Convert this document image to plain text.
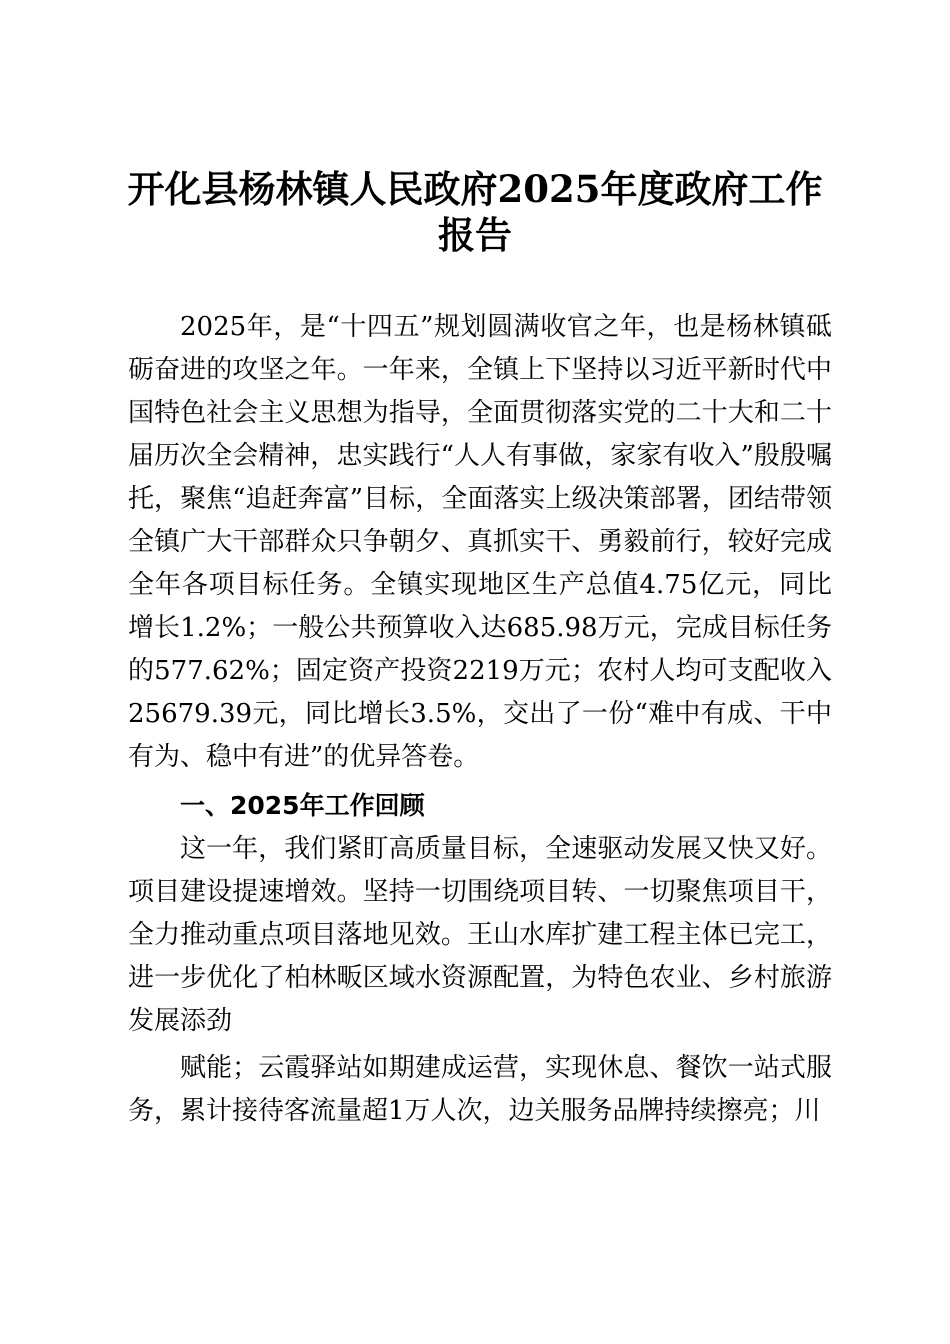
开化县杨林镇人民政府2025年度政府工作报告

2025年，是“十四五”规划圆满收官之年，也是杨林镇砥砺奋进的攻坚之年。一年来，全镇上下坚持以习近平新时代中国特色社会主义思想为指导，全面贯彻落实党的二十大和二十届历次全会精神，忠实践行“人人有事做，家家有收入”殷殷嘱托，聚焦“追赶奔富”目标，全面落实上级决策部署，团结带领全镇广大干部群众只争朝夕、真抓实干、勇毅前行，较好完成全年各项目标任务。全镇实现地区生产总值4.75亿元，同比增长1.2%；一般公共预算收入达685.98万元，完成目标任务的577.62%；固定资产投资2219万元；农村人均可支配收入25679.39元，同比增长3.5%，交出了一份“难中有成、干中有为、稳中有进”的优异答卷。

一、2025年工作回顾

这一年，我们紧盯高质量目标，全速驱动发展又快又好。项目建设提速增效。坚持一切围绕项目转、一切聚焦项目干，全力推动重点项目落地见效。王山水库扩建工程主体已完工，进一步优化了柏林畈区域水资源配置，为特色农业、乡村旅游发展添劲

赋能；云霞驿站如期建成运营，实现休息、餐饮一站式服务，累计接待客流量超1万人次，边关服务品牌持续擦亮；川
